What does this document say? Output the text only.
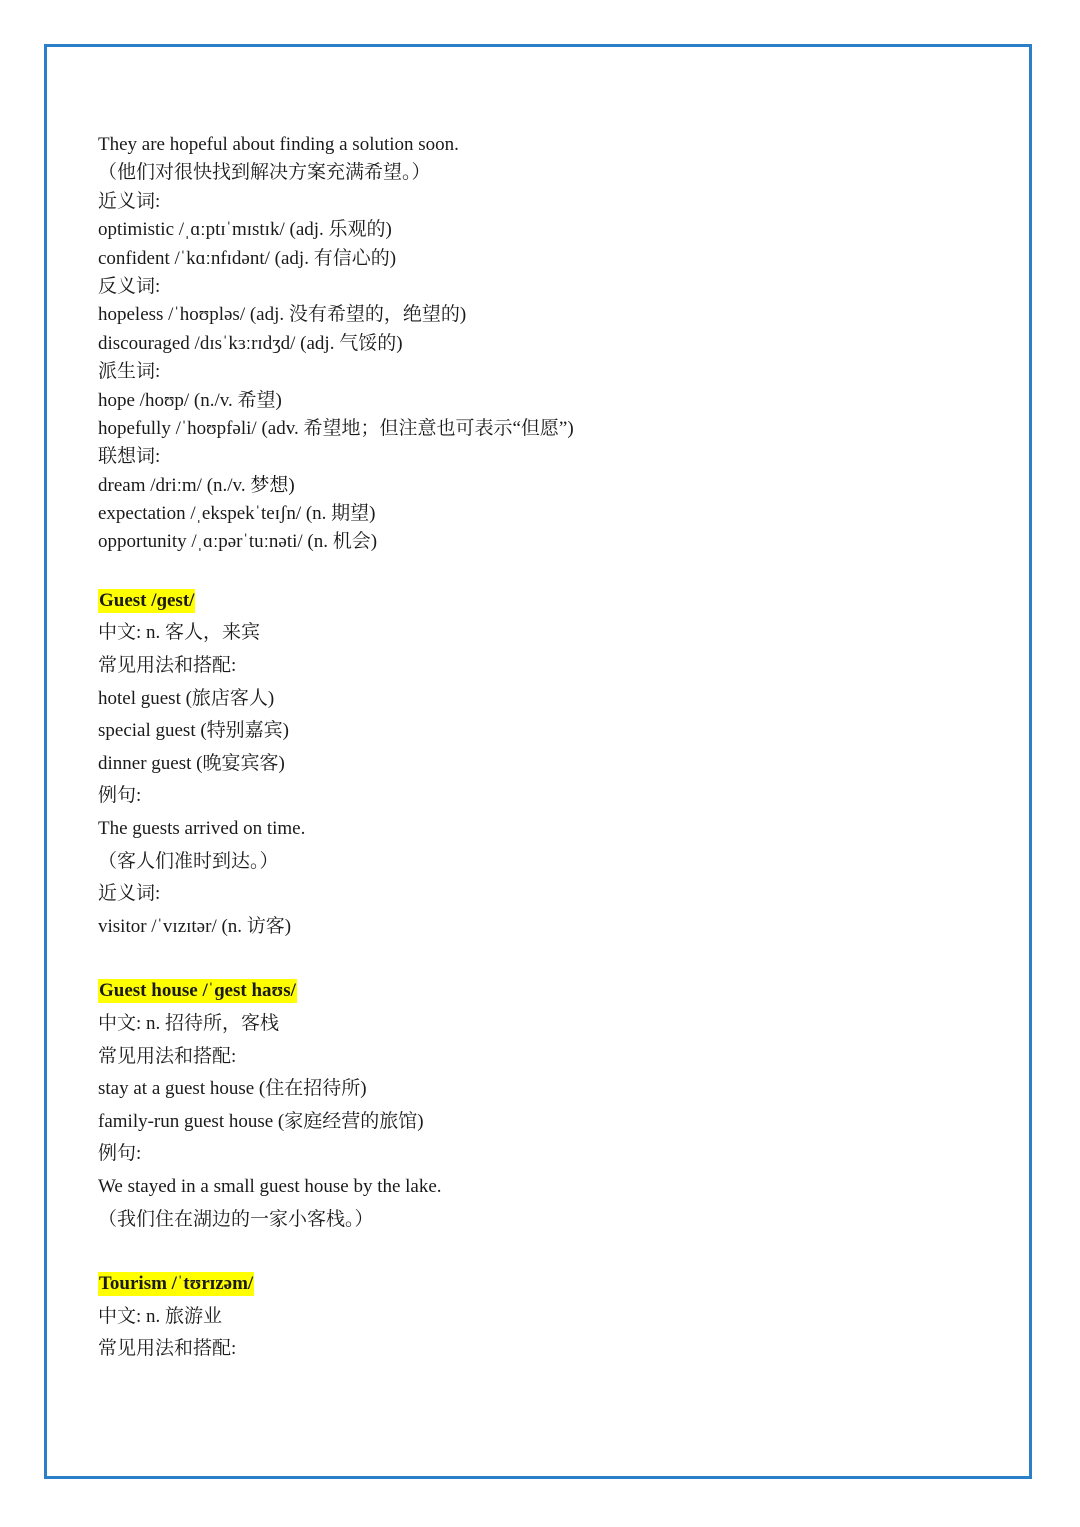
They are hopeful about finding a solution soon.
（他们对很快找到解决方案充满希望。）
近义词:
optimistic /ˌɑːptɪˈmɪstɪk/ (adj. 乐观的)
confident /ˈkɑːnfɪdənt/ (adj. 有信心的)
反义词:
hopeless /ˈhoʊpləs/ (adj. 没有希望的，绝望的)
discouraged /dɪsˈkɜːrɪdʒd/ (adj. 气馁的)
派生词:
hope /hoʊp/ (n./v. 希望)
hopefully /ˈhoʊpfəli/ (adv. 希望地；但注意也可表示“但愿”)
联想词:
dream /driːm/ (n./v. 梦想)
expectation /ˌekspekˈteɪʃn/ (n. 期望)
opportunity /ˌɑːpərˈtuːnəti/ (n. 机会)
Guest /ɡest/
中文: n. 客人，来宾
常见用法和搭配:
hotel guest (旅店客人)
special guest (特别嘉宾)
dinner guest (晚宴宾客)
例句:
The guests arrived on time.
（客人们准时到达。）
近义词:
visitor /ˈvɪzɪtər/ (n. 访客)
Guest house /ˈɡest haʊs/
中文: n. 招待所，客栈
常见用法和搭配:
stay at a guest house (住在招待所)
family-run guest house (家庭经营的旅馆)
例句:
We stayed in a small guest house by the lake.
（我们住在湖边的一家小客栈。）
Tourism /ˈtʊrɪzəm/
中文: n. 旅游业
常见用法和搭配:
